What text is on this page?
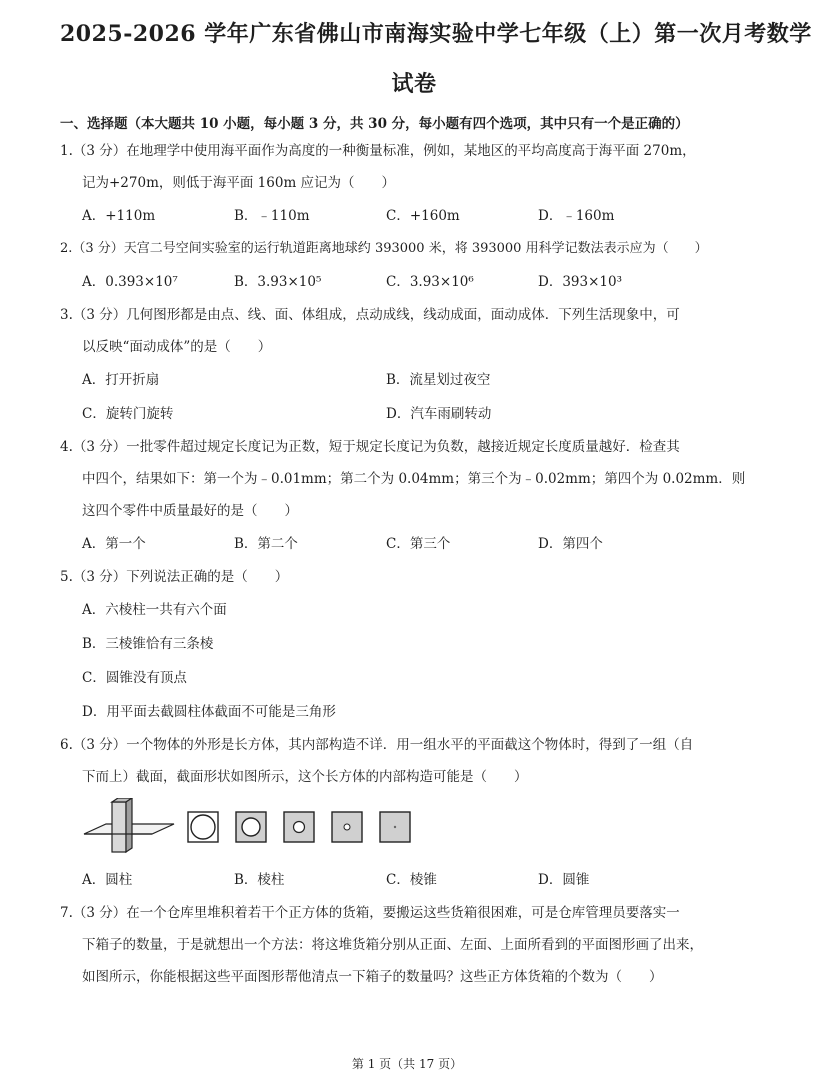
2025-2026 学年广东省佛山市南海实验中学七年级（上）第一次月考数学
试卷
一、选择题（本大题共 10 小题，每小题 3 分，共 30 分，每小题有四个选项，其中只有一个是正确的）
1.（3 分）在地理学中使用海平面作为高度的一种衡量标准，例如，某地区的平均高度高于海平面 270m，
记为+270m，则低于海平面 160m 应记为（　　）
A．+110m	B．﹣110m	C．+160m	D．﹣160m
2.（3 分）天宫二号空间实验室的运行轨道距离地球约 393000 米，将 393000 用科学记数法表示应为（　　）
A．0.393×10⁷	B．3.93×10⁵	C．3.93×10⁶	D．393×10³
3.（3 分）几何图形都是由点、线、面、体组成，点动成线，线动成面，面动成体．下列生活现象中，可
以反映“面动成体”的是（　　）
A．打开折扇	B．流星划过夜空
C．旋转门旋转	D．汽车雨刷转动
4.（3 分）一批零件超过规定长度记为正数，短于规定长度记为负数，越接近规定长度质量越好．检查其
中四个，结果如下：第一个为﹣0.01mm；第二个为 0.04mm；第三个为﹣0.02mm；第四个为 0.02mm．则
这四个零件中质量最好的是（　　）
A．第一个	B．第二个	C．第三个	D．第四个
5.（3 分）下列说法正确的是（　　）
A．六棱柱一共有六个面
B．三棱锥恰有三条棱
C．圆锥没有顶点
D．用平面去截圆柱体截面不可能是三角形
6.（3 分）一个物体的外形是长方体，其内部构造不详．用一组水平的平面截这个物体时，得到了一组（自
下而上）截面，截面形状如图所示，这个长方体的内部构造可能是（　　）
A．圆柱	B．棱柱	C．棱锥	D．圆锥
7.（3 分）在一个仓库里堆积着若干个正方体的货箱，要搬运这些货箱很困难，可是仓库管理员要落实一
下箱子的数量，于是就想出一个方法：将这堆货箱分别从正面、左面、上面所看到的平面图形画了出来，
如图所示，你能根据这些平面图形帮他清点一下箱子的数量吗？这些正方体货箱的个数为（　　）
第 1 页（共 17 页）
